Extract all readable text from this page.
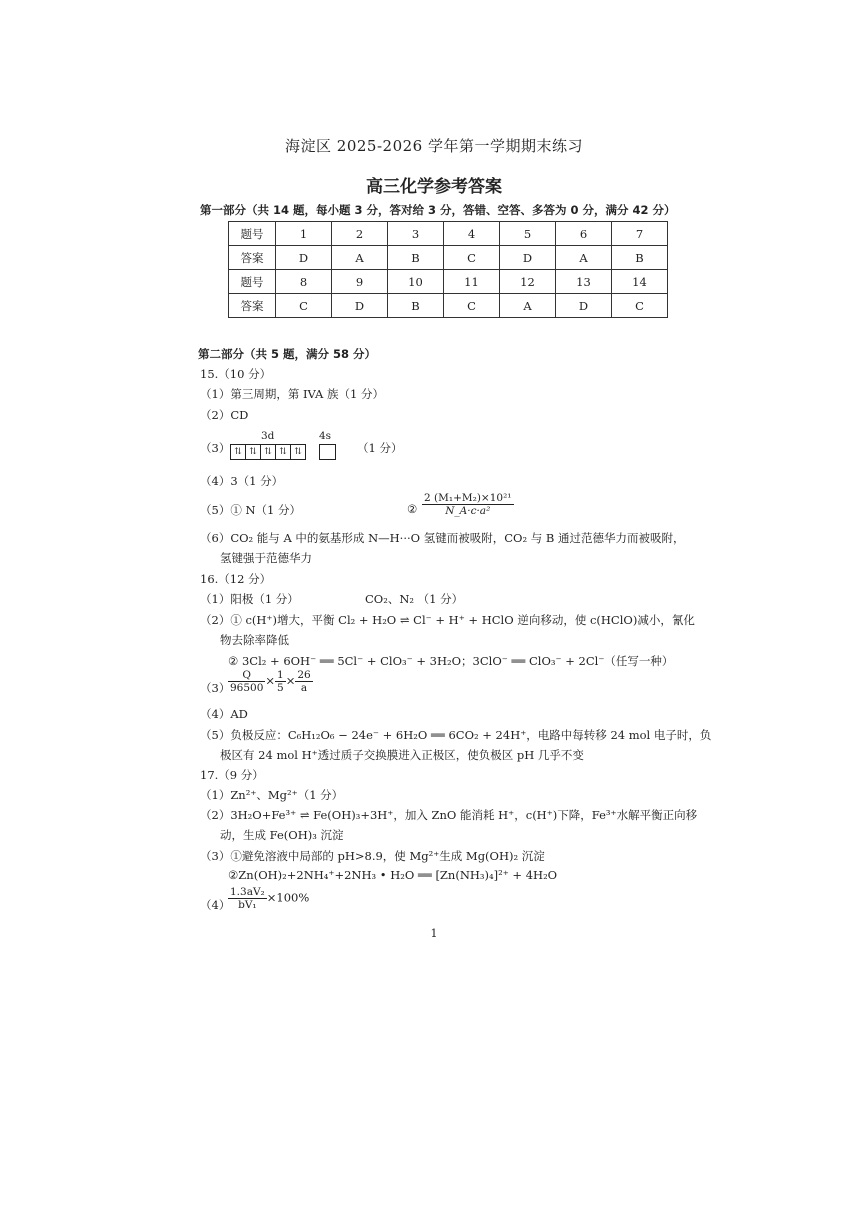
海淀区 2025-2026 学年第一学期期末练习
高三化学参考答案
第一部分（共 14 题，每小题 3 分，答对给 3 分，答错、空答、多答为 0 分，满分 42 分）
题号	1	2	3	4	5	6	7
答案	D	A	B	C	D	A	B
题号	8	9	10	11	12	13	14
答案	C	D	B	C	A	D	C
第二部分（共 5 题，满分 58 分）
15.（10 分）
（1）第三周期，第 IVA 族（1 分）
（2）CD
（3）
3d	4s
⇅ ⇅ ⇅ ⇅ ⇅	（1 分）
（4）3（1 分）
（5）① N（1 分）	② $\frac{\text{2 (M₁+M₂)×10²¹}}{\text{N\_A·c·a²}}$
（6）CO₂ 能与 A 中的氨基形成 N—H···O 氢键而被吸附，CO₂ 与 B 通过范德华力而被吸附，
氢键强于范德华力
16.（12 分）
（1）阳极（1 分）	CO₂、N₂ （1 分）
（2）① c(H⁺)增大，平衡 Cl₂ + H₂O ⇌ Cl⁻ + H⁺ + HClO 逆向移动，使 c(HClO)减小，氰化
物去除率降低
② 3Cl₂ + 6OH⁻ ══ 5Cl⁻ + ClO₃⁻ + 3H₂O；3ClO⁻ ══ ClO₃⁻ + 2Cl⁻（任写一种）
（3）
$\frac{Q}{96500} \times \frac{1}{5} \times \frac{26}{a}$
（4）AD
（5）负极反应：C₆H₁₂O₆ − 24e⁻ + 6H₂O ══ 6CO₂ + 24H⁺，电路中每转移 24 mol 电子时，负
极区有 24 mol H⁺透过质子交换膜进入正极区，使负极区 pH 几乎不变
17.（9 分）
（1）Zn²⁺、Mg²⁺（1 分）
（2）3H₂O+Fe³⁺ ⇌ Fe(OH)₃+3H⁺，加入 ZnO 能消耗 H⁺，c(H⁺)下降，Fe³⁺水解平衡正向移
动，生成 Fe(OH)₃ 沉淀
（3）①避免溶液中局部的 pH>8.9，使 Mg²⁺生成 Mg(OH)₂ 沉淀
②Zn(OH)₂+2NH₄⁺+2NH₃ • H₂O ══ [Zn(NH₃)₄]²⁺ + 4H₂O
（4）
$\frac{\text{1.3aV₂}}{\text{bV₁}} \times 100\%$
1
